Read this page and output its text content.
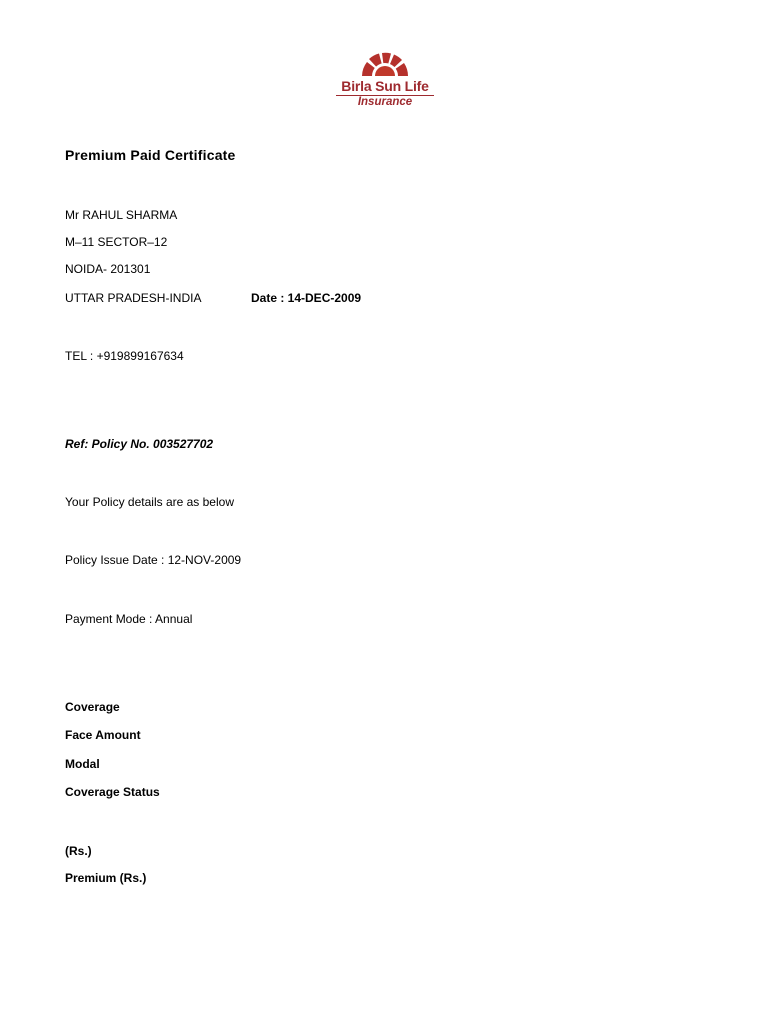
Birla Sun Life
Insurance
Premium Paid Certificate
Mr RAHUL SHARMA
M–11 SECTOR–12
NOIDA- 201301
UTTAR PRADESH-INDIA	Date : 14-DEC-2009
TEL : +919899167634
Ref: Policy No. 003527702
Your Policy details are as below
Policy Issue Date : 12-NOV-2009
Payment Mode : Annual
Coverage
Face Amount
Modal
Coverage Status
(Rs.)
Premium (Rs.)
